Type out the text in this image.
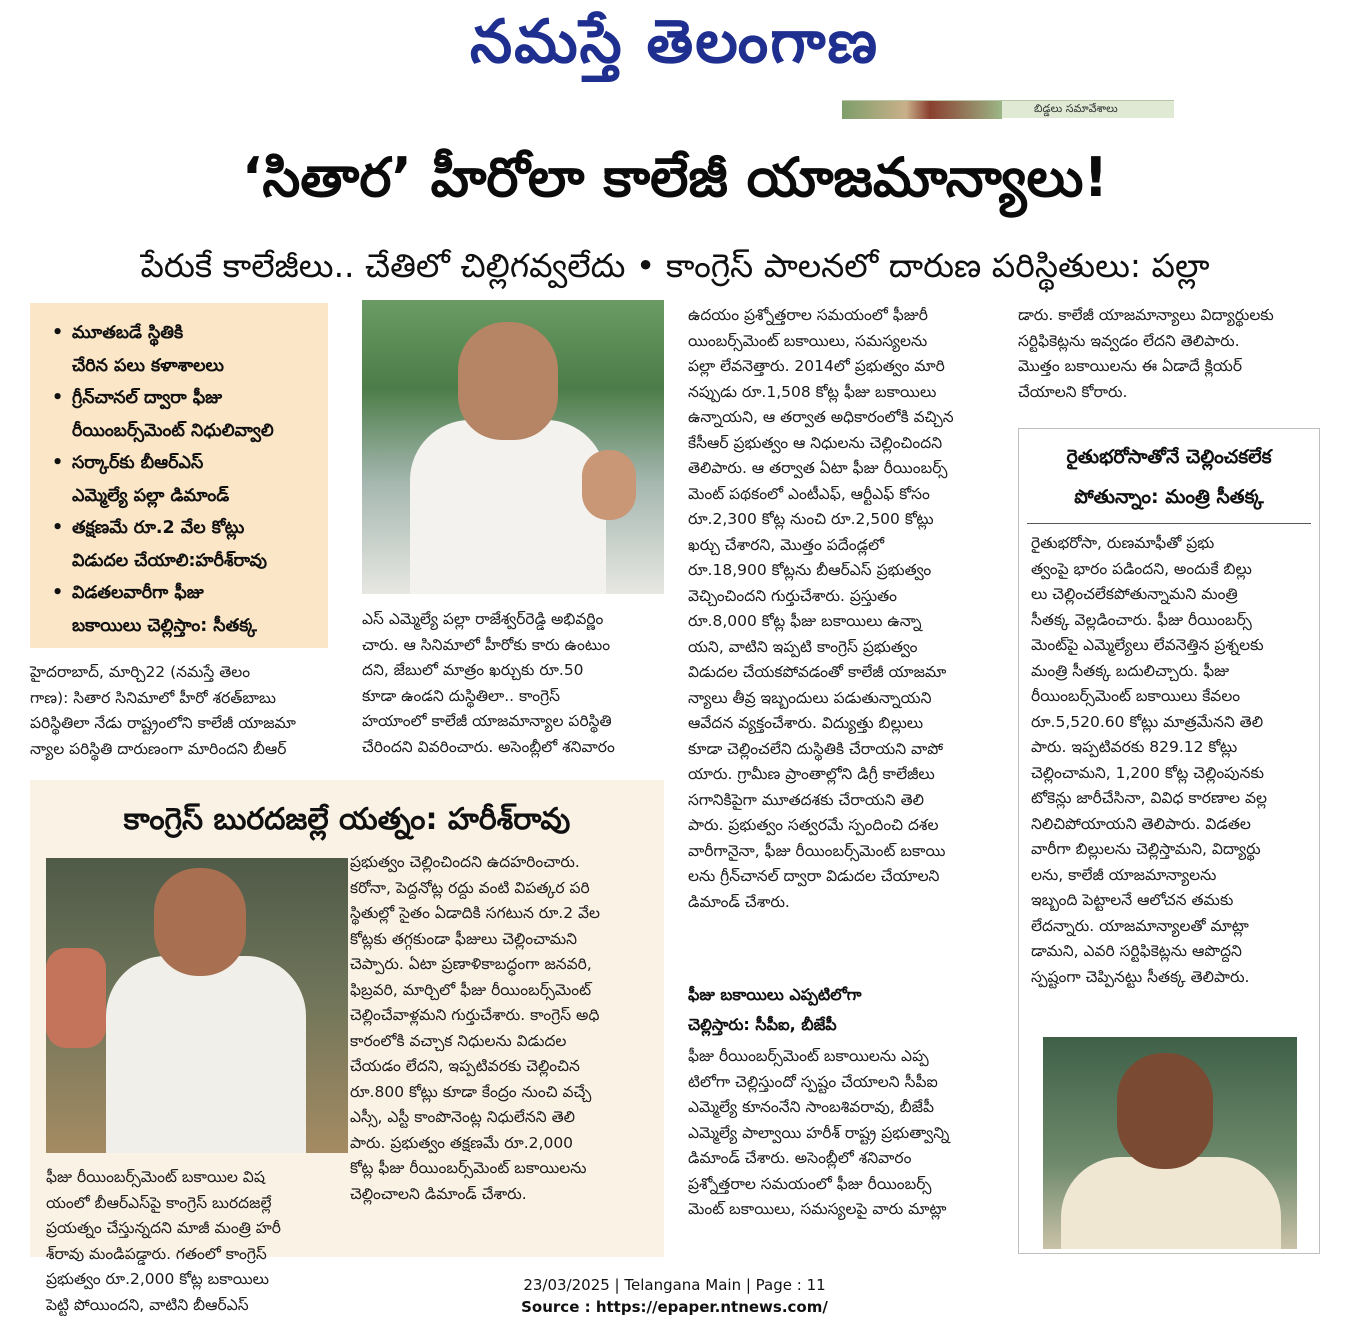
నమస్తే తెలంగాణ
బిడ్డలు సమావేశాలు
‘సితార’ హీరోలా కాలేజీ యాజమాన్యాలు!
పేరుకే కాలేజీలు.. చేతిలో చిల్లిగవ్వలేదు • కాంగ్రెస్ పాలనలో దారుణ పరిస్థితులు: పల్లా
• మూతబడే స్థితికి
చేరిన పలు కళాశాలలు
• గ్రీన్‌చానల్ ద్వారా ఫీజు
రీయింబర్స్‌మెంట్ నిధులివ్వాలి
• సర్కార్‌కు బీఆర్‌ఎస్
ఎమ్మెల్యే పల్లా డిమాండ్
• తక్షణమే రూ.2 వేల కోట్లు
విడుదల చేయాలి:హరీశ్‌రావు
• విడతలవారీగా ఫీజు
బకాయిలు చెల్లిస్తాం: సీతక్క
హైదరాబాద్, మార్చి22 (నమస్తే తెలం
గాణ): సితార సినిమాలో హీరో శరత్‌బాబు
పరిస్థితిలా నేడు రాష్ట్రంలోని కాలేజీ యాజమా
న్యాల పరిస్థితి దారుణంగా మారిందని బీఆర్
ఎస్ ఎమ్మెల్యే పల్లా రాజేశ్వర్‌రెడ్డి అభివర్ణిం
చారు. ఆ సినిమాలో హీరోకు కారు ఉంటుం
దని, జేబులో మాత్రం ఖర్చుకు రూ.50
కూడా ఉండని దుస్థితిలా.. కాంగ్రెస్
హయాంలో కాలేజీ యాజమాన్యాల పరిస్థితి
చేరిందని వివరించారు. అసెంబ్లీలో శనివారం
ఉదయం ప్రశ్నోత్తరాల సమయంలో ఫీజురీ
యింబర్స్‌మెంట్ బకాయిలు, సమస్యలను
పల్లా లేవనెత్తారు. 2014లో ప్రభుత్వం మారి
నప్పుడు రూ.1,508 కోట్ల ఫీజు బకాయిలు
ఉన్నాయని, ఆ తర్వాత అధికారంలోకి వచ్చిన
కేసీఆర్ ప్రభుత్వం ఆ నిధులను చెల్లించిందని
తెలిపారు. ఆ తర్వాత ఏటా ఫీజు రీయింబర్స్
మెంట్ పథకంలో ఎంటీఎఫ్, ఆర్టీఎఫ్ కోసం
రూ.2,300 కోట్ల నుంచి రూ.2,500 కోట్లు
ఖర్చు చేశారని, మొత్తం పదేండ్లలో
రూ.18,900 కోట్లను బీఆర్‌ఎస్ ప్రభుత్వం
వెచ్చించిందని గుర్తుచేశారు. ప్రస్తుతం
రూ.8,000 కోట్ల ఫీజు బకాయిలు ఉన్నా
యని, వాటిని ఇప్పటి కాంగ్రెస్ ప్రభుత్వం
విడుదల చేయకపోవడంతో కాలేజీ యాజమా
న్యాలు తీవ్ర ఇబ్బందులు పడుతున్నాయని
ఆవేదన వ్యక్తంచేశారు. విద్యుత్తు బిల్లులు
కూడా చెల్లించలేని దుస్థితికి చేరాయని వాపో
యారు. గ్రామీణ ప్రాంతాల్లోని డిగ్రీ కాలేజీలు
సగానికిపైగా మూతదశకు చేరాయని తెలి
పారు. ప్రభుత్వం సత్వరమే స్పందించి దశల
వారీగానైనా, ఫీజు రీయింబర్స్‌మెంట్ బకాయి
లను గ్రీన్‌చానల్ ద్వారా విడుదల చేయాలని
డిమాండ్ చేశారు.
ఫీజు బకాయిలు ఎప్పటిలోగా
చెల్లిస్తారు: సీపీఐ, బీజేపీ
ఫీజు రీయింబర్స్‌మెంట్ బకాయిలను ఎప్ప
టిలోగా చెల్లిస్తుందో స్పష్టం చేయాలని సీపీఐ
ఎమ్మెల్యే కూనంనేని సాంబశివరావు, బీజేపీ
ఎమ్మెల్యే పాల్వాయి హరీశ్ రాష్ట్ర ప్రభుత్వాన్ని
డిమాండ్ చేశారు. అసెంబ్లీలో శనివారం
ప్రశ్నోత్తరాల సమయంలో ఫీజు రీయింబర్స్
మెంట్ బకాయిలు, సమస్యలపై వారు మాట్లా
డారు. కాలేజీ యాజమాన్యాలు విద్యార్థులకు
సర్టిఫికెట్లను ఇవ్వడం లేదని తెలిపారు.
మొత్తం బకాయిలను ఈ ఏడాదే క్లియర్
చేయాలని కోరారు.
కాంగ్రెస్ బురదజల్లే యత్నం: హరీశ్‌రావు
ప్రభుత్వం చెల్లించిందని ఉదహరించారు.
కరోనా, పెద్దనోట్ల రద్దు వంటి విపత్కర పరి
స్థితుల్లో సైతం ఏడాదికి సగటున రూ.2 వేల
కోట్లకు తగ్గకుండా ఫీజులు చెల్లించామని
చెప్పారు. ఏటా ప్రణాళికాబద్ధంగా జనవరి,
ఫిబ్రవరి, మార్చిలో ఫీజు రీయింబర్స్‌మెంట్
చెల్లించేవాళ్లమని గుర్తుచేశారు. కాంగ్రెస్ అధి
కారంలోకి వచ్చాక నిధులను విడుదల
చేయడం లేదని, ఇప్పటివరకు చెల్లించిన
రూ.800 కోట్లు కూడా కేంద్రం నుంచి వచ్చే
ఎస్సీ, ఎస్టీ కాంపొనెంట్ల నిధులేనని తెలి
పారు. ప్రభుత్వం తక్షణమే రూ.2,000
కోట్ల ఫీజు రీయింబర్స్‌మెంట్ బకాయిలను
చెల్లించాలని డిమాండ్ చేశారు.
ఫీజు రీయింబర్స్‌మెంట్ బకాయిల విష
యంలో బీఆర్‌ఎస్‌పై కాంగ్రెస్ బురదజల్లే
ప్రయత్నం చేస్తున్నదని మాజీ మంత్రి హరీ
శ్‌రావు మండిపడ్డారు. గతంలో కాంగ్రెస్
ప్రభుత్వం రూ.2,000 కోట్ల బకాయిలు
పెట్టి పోయిందని, వాటిని బీఆర్‌ఎస్
రైతుభరోసాతోనే చెల్లించకలేక
పోతున్నాం: మంత్రి సీతక్క
రైతుభరోసా, రుణమాఫీతో ప్రభు
త్వంపై భారం పడిందని, అందుకే బిల్లు
లు చెల్లించలేకపోతున్నామని మంత్రి
సీతక్క వెల్లడించారు. ఫీజు రీయింబర్స్
మెంట్‌పై ఎమ్మెల్యేలు లేవనెత్తిన ప్రశ్నలకు
మంత్రి సీతక్క బదులిచ్చారు. ఫీజు
రీయింబర్స్‌మెంట్ బకాయిలు కేవలం
రూ.5,520.60 కోట్లు మాత్రమేనని తెలి
పారు. ఇప్పటివరకు 829.12 కోట్లు
చెల్లించామని, 1,200 కోట్ల చెల్లింపునకు
టోకెన్లు జారీచేసినా, వివిధ కారణాల వల్ల
నిలిచిపోయాయని తెలిపారు. విడతల
వారీగా బిల్లులను చెల్లిస్తామని, విద్యార్థు
లను, కాలేజీ యాజమాన్యాలను
ఇబ్బంది పెట్టాలనే ఆలోచన తమకు
లేదన్నారు. యాజమాన్యాలతో మాట్లా
డామని, ఎవరి సర్టిఫికెట్లను ఆపొద్దని
స్పష్టంగా చెప్పినట్టు సీతక్క తెలిపారు.
23/03/2025 | Telangana Main | Page : 11
Source : https://epaper.ntnews.com/
